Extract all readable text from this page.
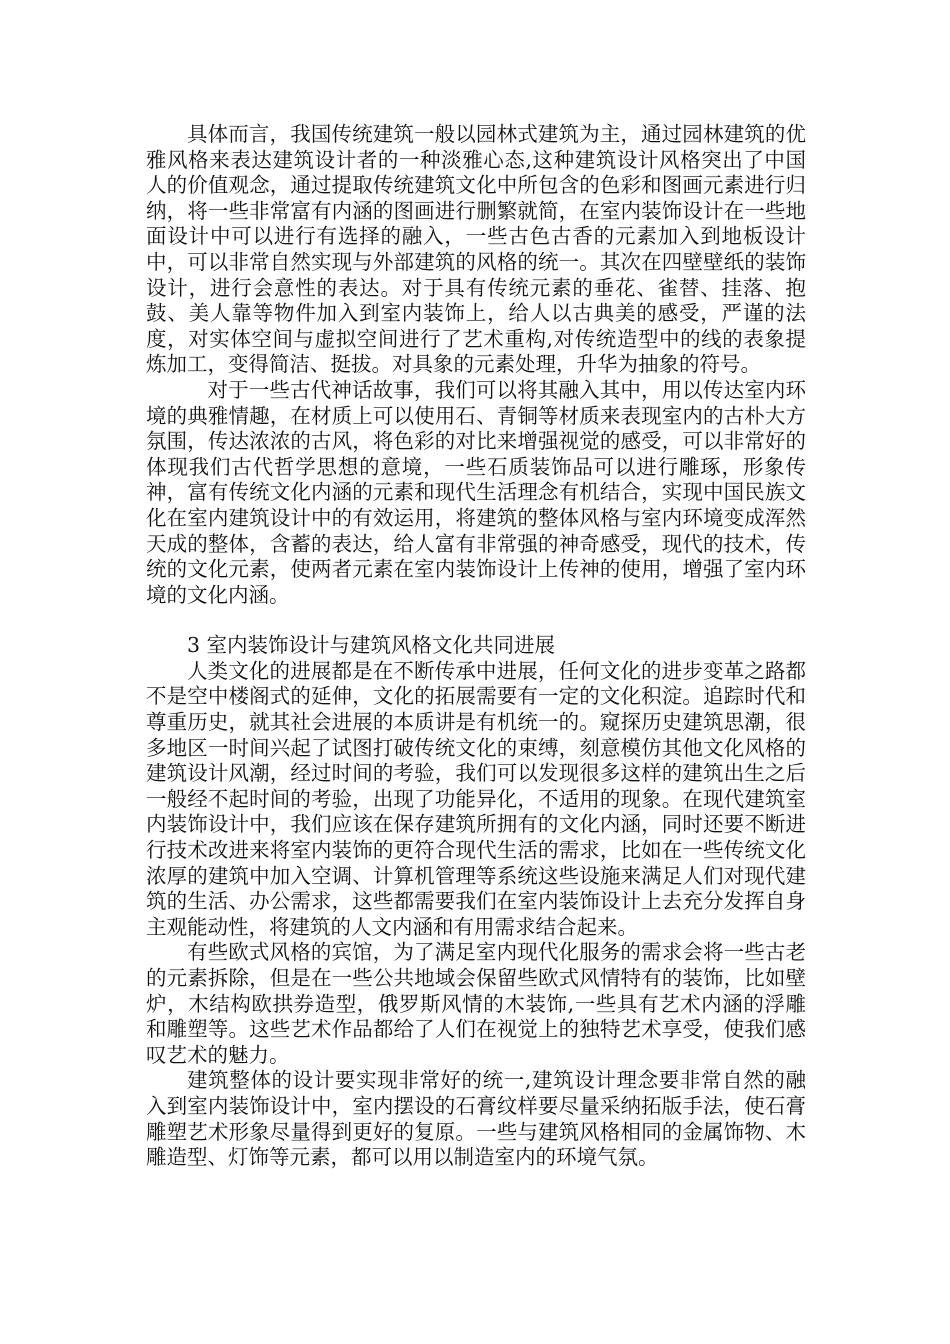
具体而言，我国传统建筑一般以园林式建筑为主，通过园林建筑的优雅风格来表达建筑设计者的一种淡雅心态,这种建筑设计风格突出了中国人的价值观念，通过提取传统建筑文化中所包含的色彩和图画元素进行归纳，将一些非常富有内涵的图画进行删繁就简，在室内装饰设计在一些地面设计中可以进行有选择的融入，一些古色古香的元素加入到地板设计中，可以非常自然实现与外部建筑的风格的统一。其次在四壁壁纸的装饰设计，进行会意性的表达。对于具有传统元素的垂花、雀替、挂落、抱鼓、美人靠等物件加入到室内装饰上，给人以古典美的感受，严谨的法度，对实体空间与虚拟空间进行了艺术重构,对传统造型中的线的表象提炼加工，变得简洁、挺拔。对具象的元素处理，升华为抽象的符号。

对于一些古代神话故事，我们可以将其融入其中，用以传达室内环境的典雅情趣，在材质上可以使用石、青铜等材质来表现室内的古朴大方氛围，传达浓浓的古风，将色彩的对比来增强视觉的感受，可以非常好的体现我们古代哲学思想的意境，一些石质装饰品可以进行雕琢，形象传神，富有传统文化内涵的元素和现代生活理念有机结合，实现中国民族文化在室内建筑设计中的有效运用，将建筑的整体风格与室内环境变成浑然天成的整体，含蓄的表达，给人富有非常强的神奇感受，现代的技术，传统的文化元素，使两者元素在室内装饰设计上传神的使用，增强了室内环境的文化内涵。

3 室内装饰设计与建筑风格文化共同进展

人类文化的进展都是在不断传承中进展，任何文化的进步变革之路都不是空中楼阁式的延伸，文化的拓展需要有一定的文化积淀。追踪时代和尊重历史，就其社会进展的本质讲是有机统一的。窥探历史建筑思潮，很多地区一时间兴起了试图打破传统文化的束缚，刻意模仿其他文化风格的建筑设计风潮，经过时间的考验，我们可以发现很多这样的建筑出生之后一般经不起时间的考验，出现了功能异化，不适用的现象。在现代建筑室内装饰设计中，我们应该在保存建筑所拥有的文化内涵，同时还要不断进行技术改进来将室内装饰的更符合现代生活的需求，比如在一些传统文化浓厚的建筑中加入空调、计算机管理等系统这些设施来满足人们对现代建筑的生活、办公需求，这些都需要我们在室内装饰设计上去充分发挥自身主观能动性，将建筑的人文内涵和有用需求结合起来。

有些欧式风格的宾馆，为了满足室内现代化服务的需求会将一些古老的元素拆除，但是在一些公共地域会保留些欧式风情特有的装饰，比如壁炉，木结构欧拱券造型，俄罗斯风情的木装饰,一些具有艺术内涵的浮雕和雕塑等。这些艺术作品都给了人们在视觉上的独特艺术享受，使我们感叹艺术的魅力。

建筑整体的设计要实现非常好的统一,建筑设计理念要非常自然的融入到室内装饰设计中，室内摆设的石膏纹样要尽量采纳拓版手法，使石膏雕塑艺术形象尽量得到更好的复原。一些与建筑风格相同的金属饰物、木雕造型、灯饰等元素，都可以用以制造室内的环境气氛。
